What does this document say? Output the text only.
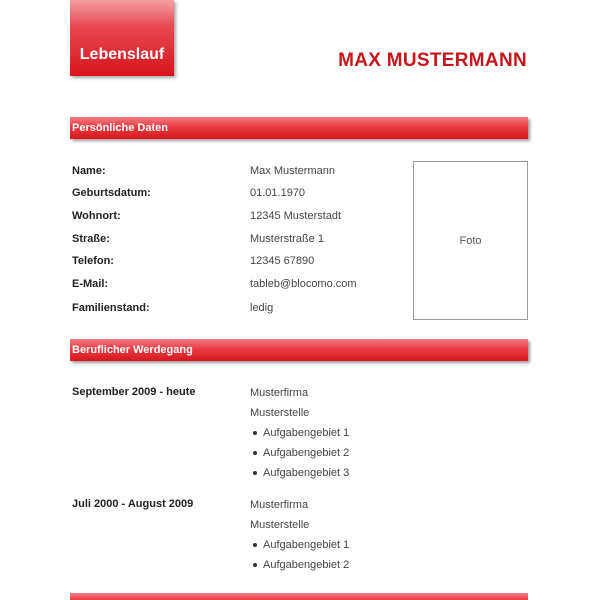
Lebenslauf	MAX MUSTERMANN
Persönliche Daten
Name:	Max Mustermann
Geburtsdatum:	01.01.1970
Wohnort:	12345 Musterstadt
Straße:	Musterstraße 1
Telefon:	12345 67890
E-Mail:	tableb@blocomo.com
Familienstand:	ledig
Foto
Beruflicher Werdegang
September 2009 - heute	Musterfirma
Musterstelle
Aufgabengebiet 1
Aufgabengebiet 2
Aufgabengebiet 3
Juli 2000 - August 2009	Musterfirma
Musterstelle
Aufgabengebiet 1
Aufgabengebiet 2
